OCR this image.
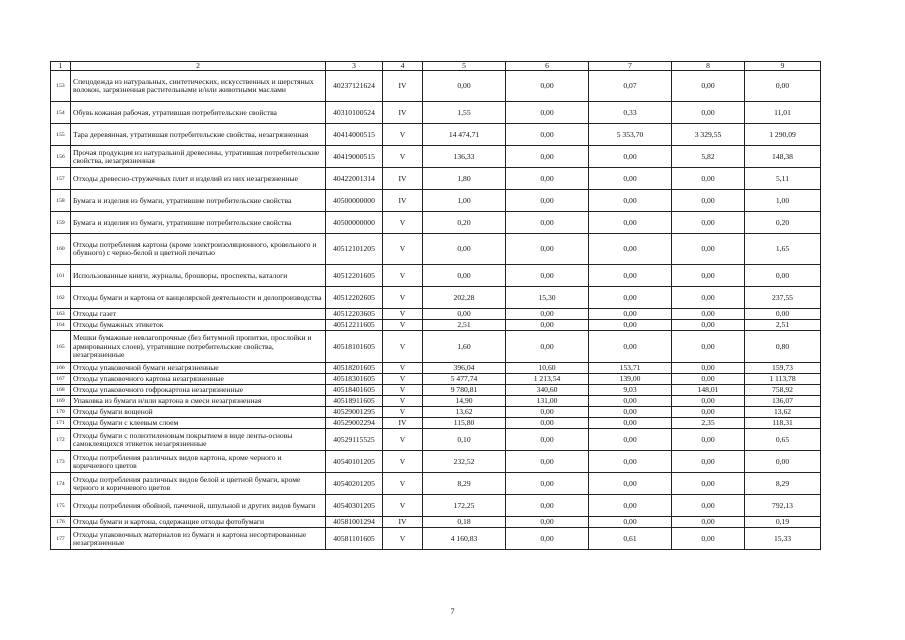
1	2	3	4	5	6	7	8	9
153	Спецодежда из натуральных, синтетических, искусственных и шерстяных волокон, загрязненная растительными и/или животными маслами	40237121624	IV	0,00	0,00	0,07	0,00	0,00
154	Обувь кожаная рабочая, утратившая потребительские свойства	40310100524	IV	1,55	0,00	0,33	0,00	11,01
155	Тара деревянная, утратившая потребительские свойства, незагрязненная	40414000515	V	14 474,71	0,00	5 353,70	3 329,55	1 290,09
156	Прочая продукция из натуральной древесины, утратившая потребительские свойства, незагрязненная	40419000515	V	136,33	0,00	0,00	5,82	148,38
157	Отходы древесно-стружечных плит и изделий из них незагрязненные	40422001314	IV	1,80	0,00	0,00	0,00	5,11
158	Бумага и изделия из бумаги, утратившие потребительские свойства	40500000000	IV	1,00	0,00	0,00	0,00	1,00
159	Бумага и изделия из бумаги, утратившие потребительские свойства	40500000000	V	0,20	0,00	0,00	0,00	0,20
160	Отходы потребления картона (кроме электроизоляционного, кровельного и обувного) с черно-белой и цветной печатью	40512101205	V	0,00	0,00	0,00	0,00	1,65
161	Использованные книги, журналы, брошюры, проспекты, каталоги	40512201605	V	0,00	0,00	0,00	0,00	0,00
162	Отходы бумаги и картона от канцелярской деятельности и делопроизводства	40512202605	V	202,28	15,30	0,00	0,00	237,55
163	Отходы газет	40512203605	V	0,00	0,00	0,00	0,00	0,00
164	Отходы бумажных этикеток	40512211605	V	2,51	0,00	0,00	0,00	2,51
165	Мешки бумажные невлагопрочные (без битумной пропитки, прослойки и армированных слоев), утратившие потребительские свойства, незагрязненные	40518101605	V	1,60	0,00	0,00	0,00	0,80
166	Отходы упаковочной бумаги незагрязненные	40518201605	V	396,04	10,60	153,71	0,00	159,73
167	Отходы упаковочного картона незагрязненные	40518301605	V	5 477,74	1 213,54	139,00	0,00	1 113,78
168	Отходы упаковочного гофрокартона незагрязненные	40518401605	V	9 780,81	340,60	9,03	148,01	758,92
169	Упаковка из бумаги и/или картона в смеси незагрязненная	40518911605	V	14,90	131,00	0,00	0,00	136,07
170	Отходы бумаги вощеной	40529001295	V	13,62	0,00	0,00	0,00	13,62
171	Отходы бумаги с клеевым слоем	40529002294	IV	115,80	0,00	0,00	2,35	118,31
172	Отходы бумаги с полиэтиленовым покрытием в виде ленты-основы самоклеящихся этикеток незагрязненные	40529115525	V	0,10	0,00	0,00	0,00	0,65
173	Отходы потребления различных видов картона, кроме черного и коричневого цветов	40540101205	V	232,52	0,00	0,00	0,00	0,00
174	Отходы потребления различных видов белой и цветной бумаги, кроме черного и коричневого цветов	40540201205	V	8,29	0,00	0,00	0,00	8,29
175	Отходы потребления обойной, пачечной, шпульной и других видов бумаги	40540301205	V	172,25	0,00	0,00	0,00	792,13
176	Отходы бумаги и картона, содержащие отходы фотобумаги	40581001294	IV	0,18	0,00	0,00	0,00	0,19
177	Отходы упаковочных материалов из бумаги и картона несортированные незагрязненные	40581101605	V	4 160,83	0,00	0,61	0,00	15,33
7
